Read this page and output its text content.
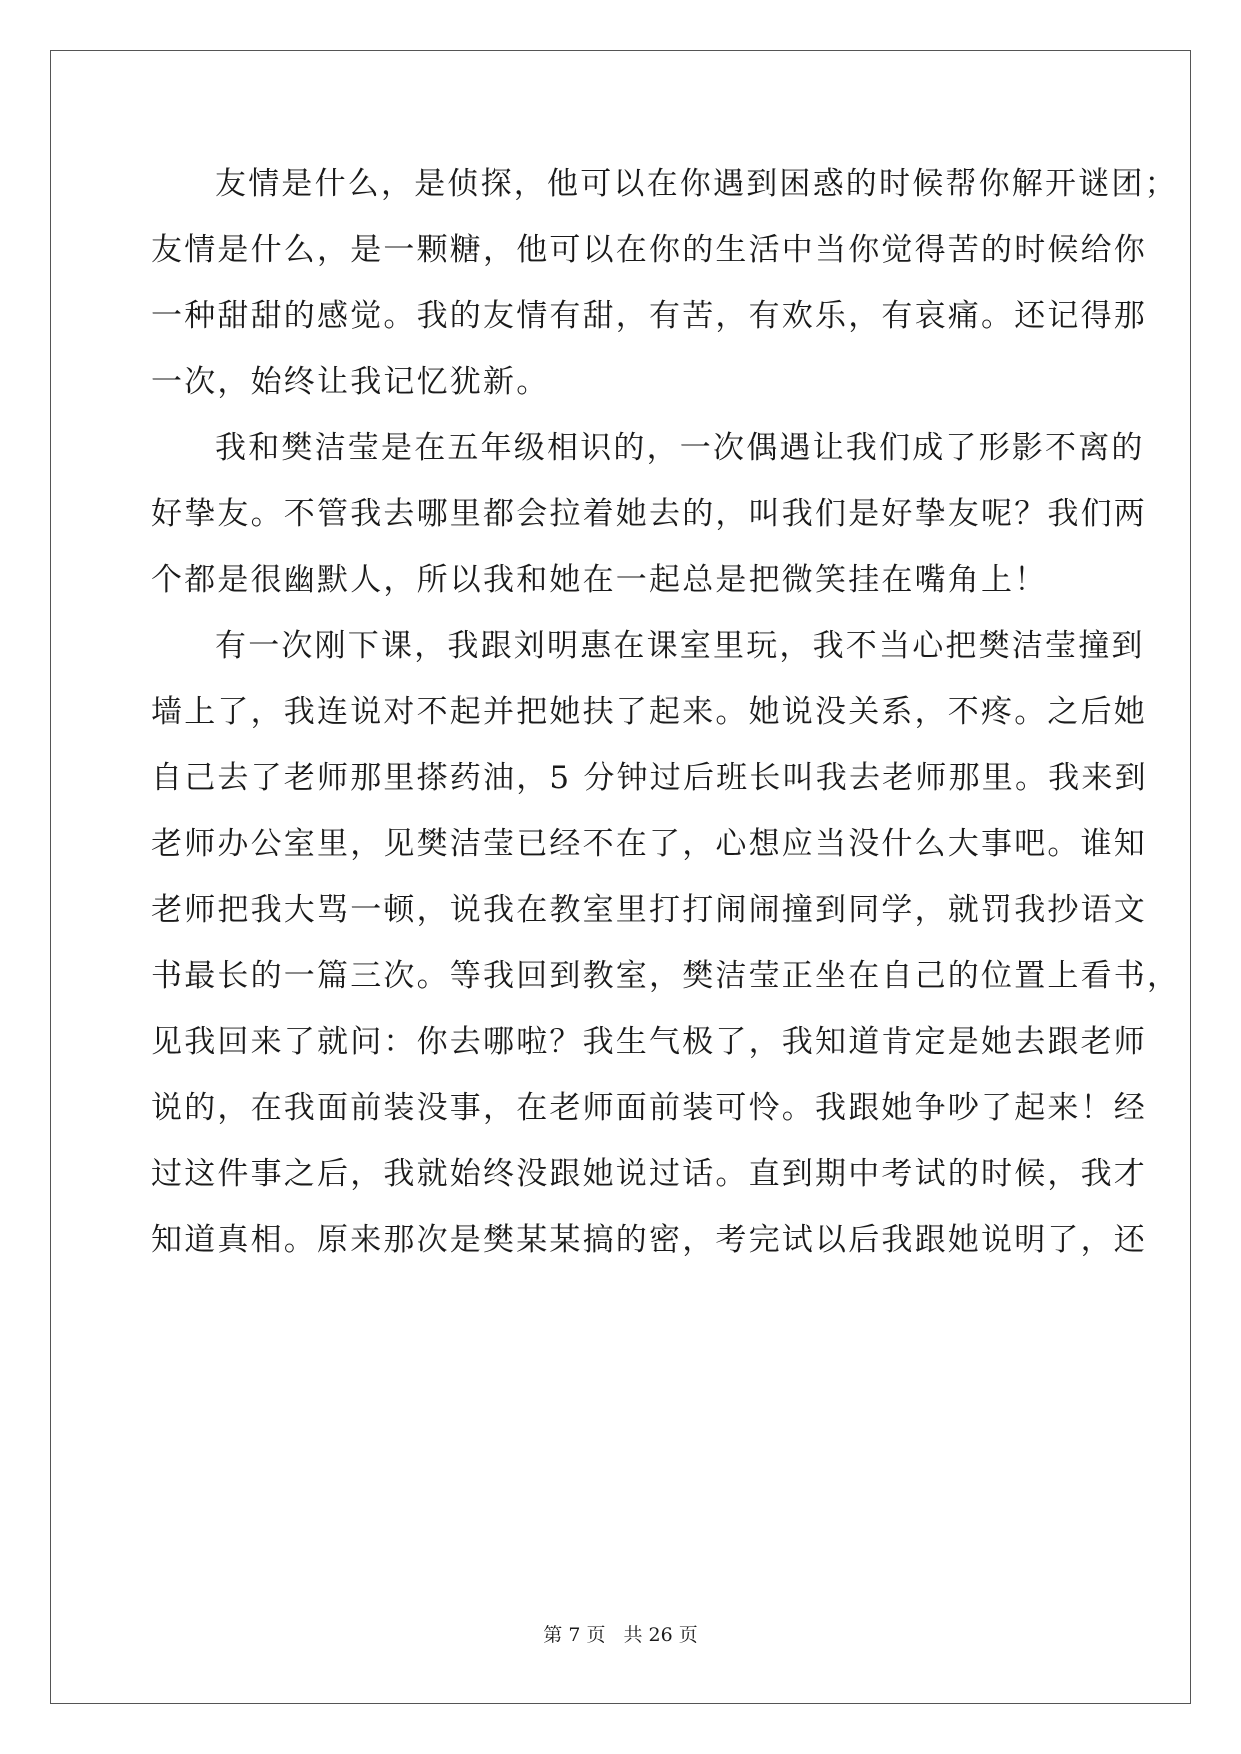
友情是什么，是侦探，他可以在你遇到困惑的时候帮你解开谜团；
友情是什么，是一颗糖，他可以在你的生活中当你觉得苦的时候给你
一种甜甜的感觉。我的友情有甜，有苦，有欢乐，有哀痛。还记得那
一次，始终让我记忆犹新。
我和樊洁莹是在五年级相识的，一次偶遇让我们成了形影不离的
好挚友。不管我去哪里都会拉着她去的，叫我们是好挚友呢？我们两
个都是很幽默人，所以我和她在一起总是把微笑挂在嘴角上！
有一次刚下课，我跟刘明惠在课室里玩，我不当心把樊洁莹撞到
墙上了，我连说对不起并把她扶了起来。她说没关系，不疼。之后她
自己去了老师那里搽药油，5 分钟过后班长叫我去老师那里。我来到
老师办公室里，见樊洁莹已经不在了，心想应当没什么大事吧。谁知
老师把我大骂一顿，说我在教室里打打闹闹撞到同学，就罚我抄语文
书最长的一篇三次。等我回到教室，樊洁莹正坐在自己的位置上看书，
见我回来了就问：你去哪啦？我生气极了，我知道肯定是她去跟老师
说的，在我面前装没事，在老师面前装可怜。我跟她争吵了起来！经
过这件事之后，我就始终没跟她说过话。直到期中考试的时候，我才
知道真相。原来那次是樊某某搞的密，考完试以后我跟她说明了，还
第 7 页 共 26 页
